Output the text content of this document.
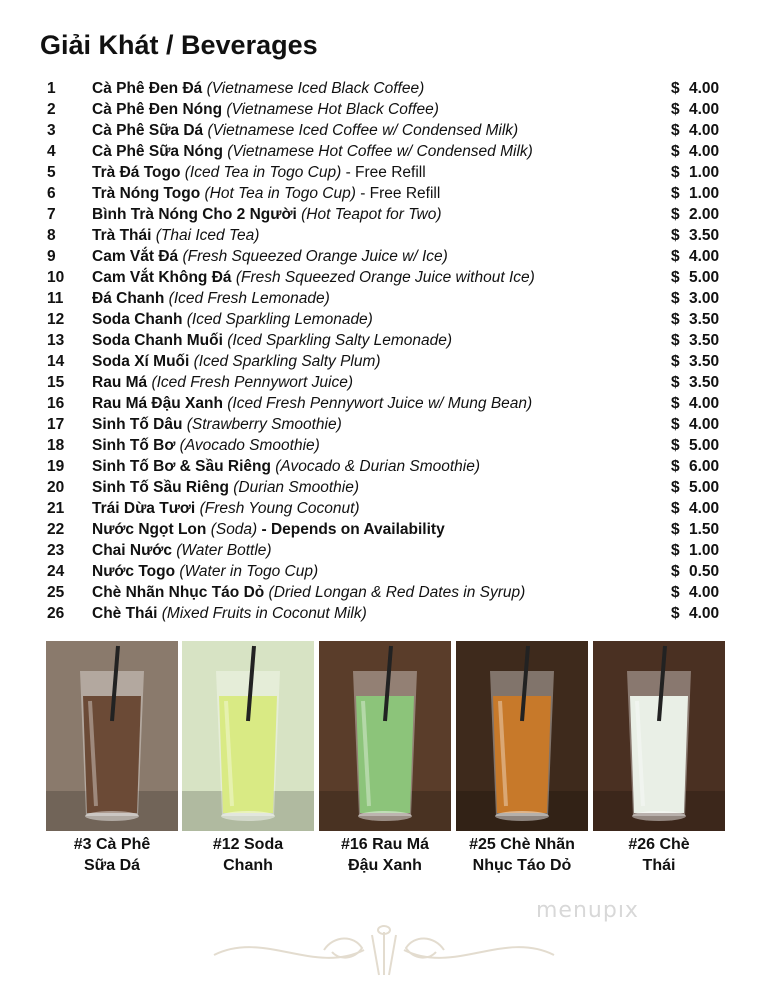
Giải Khát / Beverages
1 Cà Phê Đen Đá (Vietnamese Iced Black Coffee)	$ 4.00
2 Cà Phê Đen Nóng (Vietnamese Hot Black Coffee)	$ 4.00
3 Cà Phê Sữa Dá (Vietnamese Iced Coffee w/ Condensed Milk)	$ 4.00
4 Cà Phê Sữa Nóng (Vietnamese Hot Coffee w/ Condensed Milk)	$ 4.00
5 Trà Đá Togo (Iced Tea in Togo Cup) - Free Refill	$ 1.00
6 Trà Nóng Togo (Hot Tea in Togo Cup) - Free Refill	$ 1.00
7 Bình Trà Nóng Cho 2 Người (Hot Teapot for Two)	$ 2.00
8 Trà Thái (Thai Iced Tea)	$ 3.50
9 Cam Vắt Đá (Fresh Squeezed Orange Juice w/ Ice)	$ 4.00
10 Cam Vắt Không Đá (Fresh Squeezed Orange Juice without Ice)	$ 5.00
11 Đá Chanh (Iced Fresh Lemonade)	$ 3.00
12 Soda Chanh (Iced Sparkling Lemonade)	$ 3.50
13 Soda Chanh Muối (Iced Sparkling Salty Lemonade)	$ 3.50
14 Soda Xí Muối (Iced Sparkling Salty Plum)	$ 3.50
15 Rau Má (Iced Fresh Pennywort Juice)	$ 3.50
16 Rau Má Đậu Xanh (Iced Fresh Pennywort Juice w/ Mung Bean)	$ 4.00
17 Sinh Tố Dâu (Strawberry Smoothie)	$ 4.00
18 Sinh Tố Bơ (Avocado Smoothie)	$ 5.00
19 Sinh Tố Bơ & Sầu Riêng (Avocado & Durian Smoothie)	$ 6.00
20 Sinh Tố Sầu Riêng (Durian Smoothie)	$ 5.00
21 Trái Dừa Tươi (Fresh Young Coconut)	$ 4.00
22 Nước Ngọt Lon (Soda) - Depends on Availability	$ 1.50
23 Chai Nước (Water Bottle)	$ 1.00
24 Nước Togo (Water in Togo Cup)	$ 0.50
25 Chè Nhãn Nhục Táo Dỏ (Dried Longan & Red Dates in Syrup)	$ 4.00
26 Chè Thái (Mixed Fruits in Coconut Milk)	$ 4.00
#3 Cà Phê
Sữa Dá
#12 Soda
Chanh
#16 Rau Má
Đậu Xanh
#25 Chè Nhãn
Nhục Táo Dỏ
#26 Chè
Thái
menupıx
